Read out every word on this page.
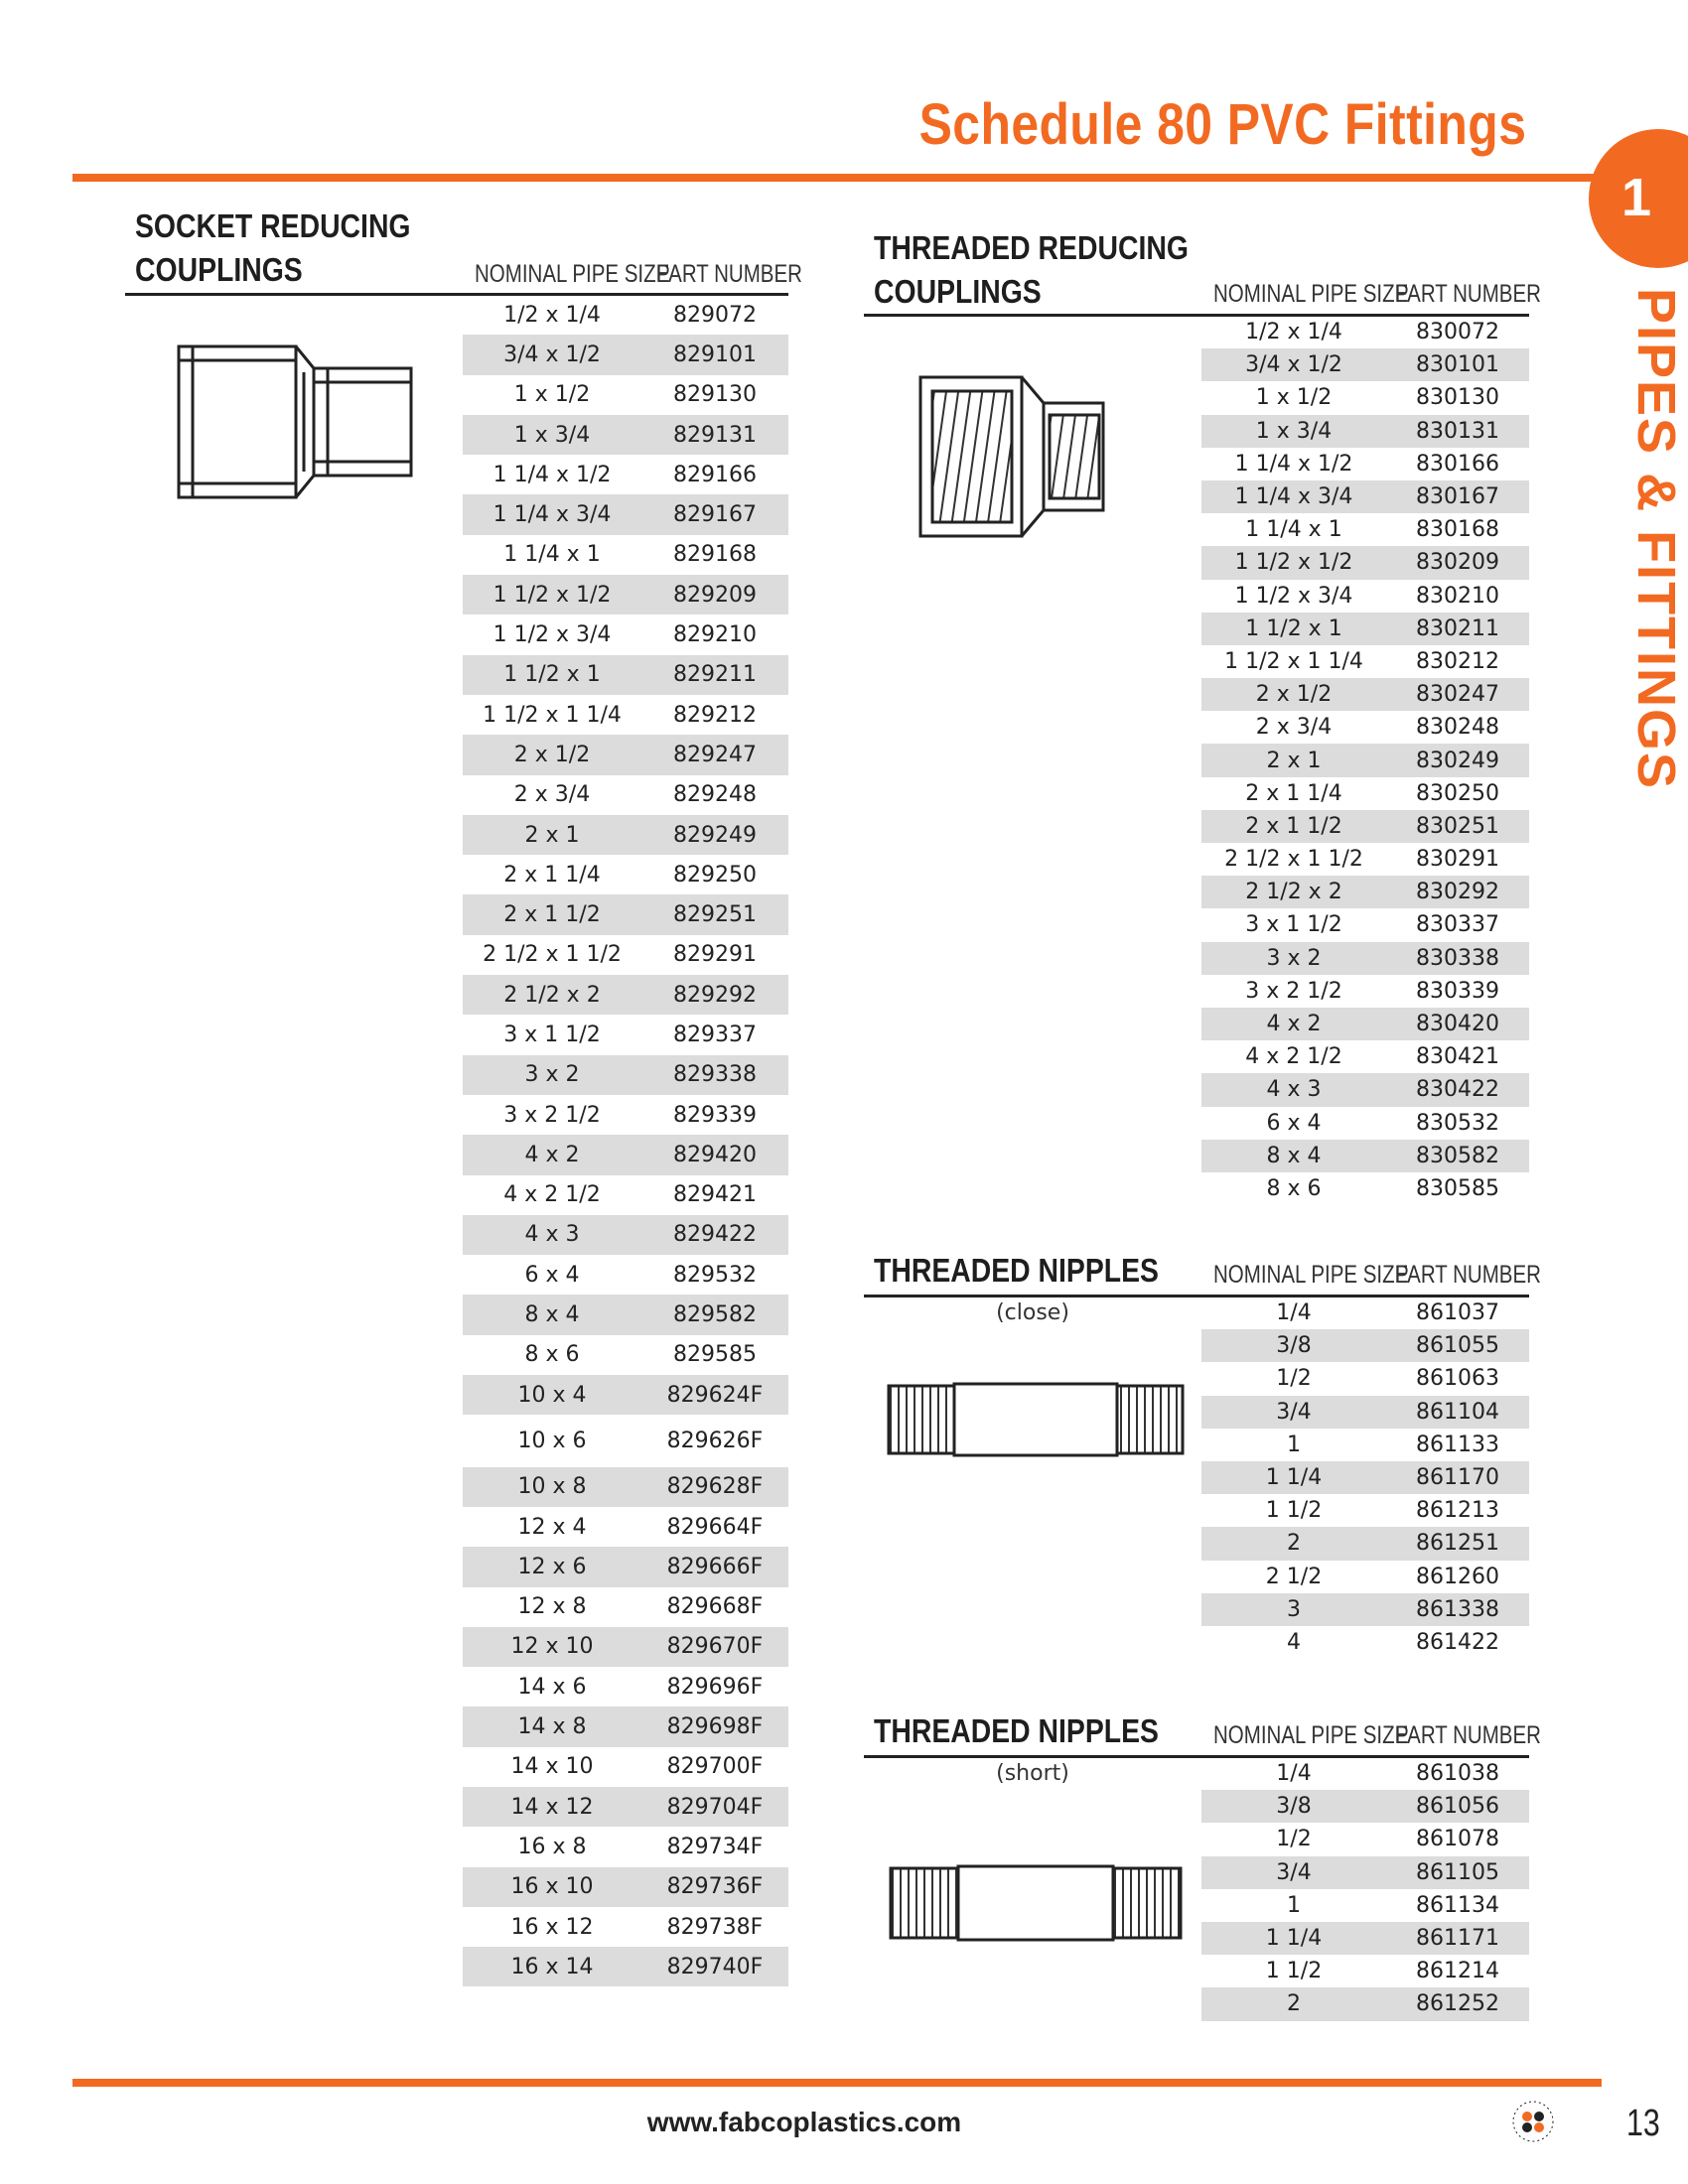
Schedule 80 PVC Fittings
1
PIPES & FITTINGS
SOCKET REDUCING
COUPLINGS	NOMINAL PIPE SIZE
PART NUMBER
1/2 x 1/4	829072
3/4 x 1/2	829101
1 x 1/2	829130
1 x 3/4	829131
1 1/4 x 1/2	829166
1 1/4 x 3/4	829167
1 1/4 x 1	829168
1 1/2 x 1/2	829209
1 1/2 x 3/4	829210
1 1/2 x 1	829211
1 1/2 x 1 1/4	829212
2 x 1/2	829247
2 x 3/4	829248
2 x 1	829249
2 x 1 1/4	829250
2 x 1 1/2	829251
2 1/2 x 1 1/2	829291
2 1/2 x 2	829292
3 x 1 1/2	829337
3 x 2	829338
3 x 2 1/2	829339
4 x 2	829420
4 x 2 1/2	829421
4 x 3	829422
6 x 4	829532
8 x 4	829582
8 x 6	829585
10 x 4	829624F
10 x 6	829626F
10 x 8	829628F
12 x 4	829664F
12 x 6	829666F
12 x 8	829668F
12 x 10	829670F
14 x 6	829696F
14 x 8	829698F
14 x 10	829700F
14 x 12	829704F
16 x 8	829734F
16 x 10	829736F
16 x 12	829738F
16 x 14	829740F
THREADED REDUCING
COUPLINGS	NOMINAL PIPE SIZE
PART NUMBER
1/2 x 1/4	830072
3/4 x 1/2	830101
1 x 1/2	830130
1 x 3/4	830131
1 1/4 x 1/2	830166
1 1/4 x 3/4	830167
1 1/4 x 1	830168
1 1/2 x 1/2	830209
1 1/2 x 3/4	830210
1 1/2 x 1	830211
1 1/2 x 1 1/4	830212
2 x 1/2	830247
2 x 3/4	830248
2 x 1	830249
2 x 1 1/4	830250
2 x 1 1/2	830251
2 1/2 x 1 1/2	830291
2 1/2 x 2	830292
3 x 1 1/2	830337
3 x 2	830338
3 x 2 1/2	830339
4 x 2	830420
4 x 2 1/2	830421
4 x 3	830422
6 x 4	830532
8 x 4	830582
8 x 6	830585
THREADED NIPPLES NOMINAL PIPE SIZE
PART NUMBER
(close)	1/4	861037
3/8	861055
1/2	861063
3/4	861104
1	861133
1 1/4	861170
1 1/2	861213
2	861251
2 1/2	861260
3	861338
4	861422
THREADED NIPPLES NOMINAL PIPE SIZE
PART NUMBER
(short)	1/4	861038
3/8	861056
1/2	861078
3/4	861105
1	861134
1 1/4	861171
1 1/2	861214
2	861252
www.fabcoplastics.com	13
